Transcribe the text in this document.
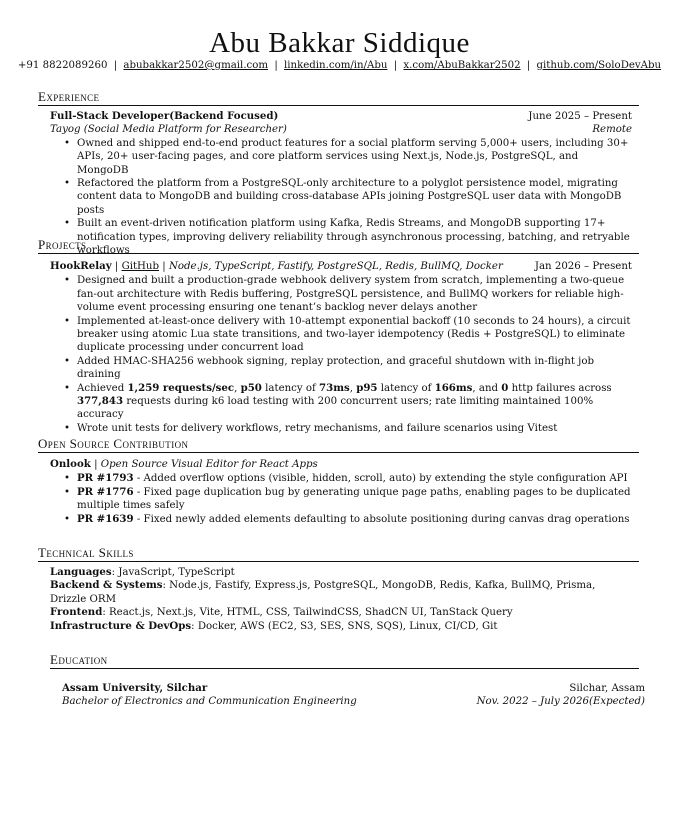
Abu Bakkar Siddique
+91 8822089260 | abubakkar2502@gmail.com | linkedin.com/in/Abu | x.com/AbuBakkar2502 | github.com/SoloDevAbu
Experience
Full-Stack Developer(Backend Focused)	June 2025 – Present
Tayog (Social Media Platform for Researcher)	Remote
• Owned and shipped end-to-end product features for a social platform serving 5,000+ users, including 30+ APIs, 20+ user-facing pages, and core platform services using Next.js, Node.js, PostgreSQL, and MongoDB
• Refactored the platform from a PostgreSQL-only architecture to a polyglot persistence model, migrating content data to MongoDB and building cross-database APIs joining PostgreSQL user data with MongoDB posts
• Built an event-driven notification platform using Kafka, Redis Streams, and MongoDB supporting 17+ notification types, improving delivery reliability through asynchronous processing, batching, and retryable workflows
Projects
HookRelay | GitHub | Node.js, TypeScript, Fastify, PostgreSQL, Redis, BullMQ, Docker	Jan 2026 – Present
• Designed and built a production-grade webhook delivery system from scratch, implementing a two-queue fan-out architecture with Redis buffering, PostgreSQL persistence, and BullMQ workers for reliable high-volume event processing ensuring one tenant’s backlog never delays another
• Implemented at-least-once delivery with 10-attempt exponential backoff (10 seconds to 24 hours), a circuit breaker using atomic Lua state transitions, and two-layer idempotency (Redis + PostgreSQL) to eliminate duplicate processing under concurrent load
• Added HMAC-SHA256 webhook signing, replay protection, and graceful shutdown with in-flight job draining
• Achieved 1,259 requests/sec, p50 latency of 73ms, p95 latency of 166ms, and 0 http failures across 377,843 requests during k6 load testing with 200 concurrent users; rate limiting maintained 100% accuracy
• Wrote unit tests for delivery workflows, retry mechanisms, and failure scenarios using Vitest
Open Source Contribution
Onlook | Open Source Visual Editor for React Apps
• PR #1793 - Added overflow options (visible, hidden, scroll, auto) by extending the style configuration API
• PR #1776 - Fixed page duplication bug by generating unique page paths, enabling pages to be duplicated multiple times safely
• PR #1639 - Fixed newly added elements defaulting to absolute positioning during canvas drag operations
Technical Skills
Languages: JavaScript, TypeScript
Backend & Systems: Node.js, Fastify, Express.js, PostgreSQL, MongoDB, Redis, Kafka, BullMQ, Prisma, Drizzle ORM
Frontend: React.js, Next.js, Vite, HTML, CSS, TailwindCSS, ShadCN UI, TanStack Query
Infrastructure & DevOps: Docker, AWS (EC2, S3, SES, SNS, SQS), Linux, CI/CD, Git
Education
Assam University, Silchar	Silchar, Assam
Bachelor of Electronics and Communication Engineering	Nov. 2022 – July 2026(Expected)
